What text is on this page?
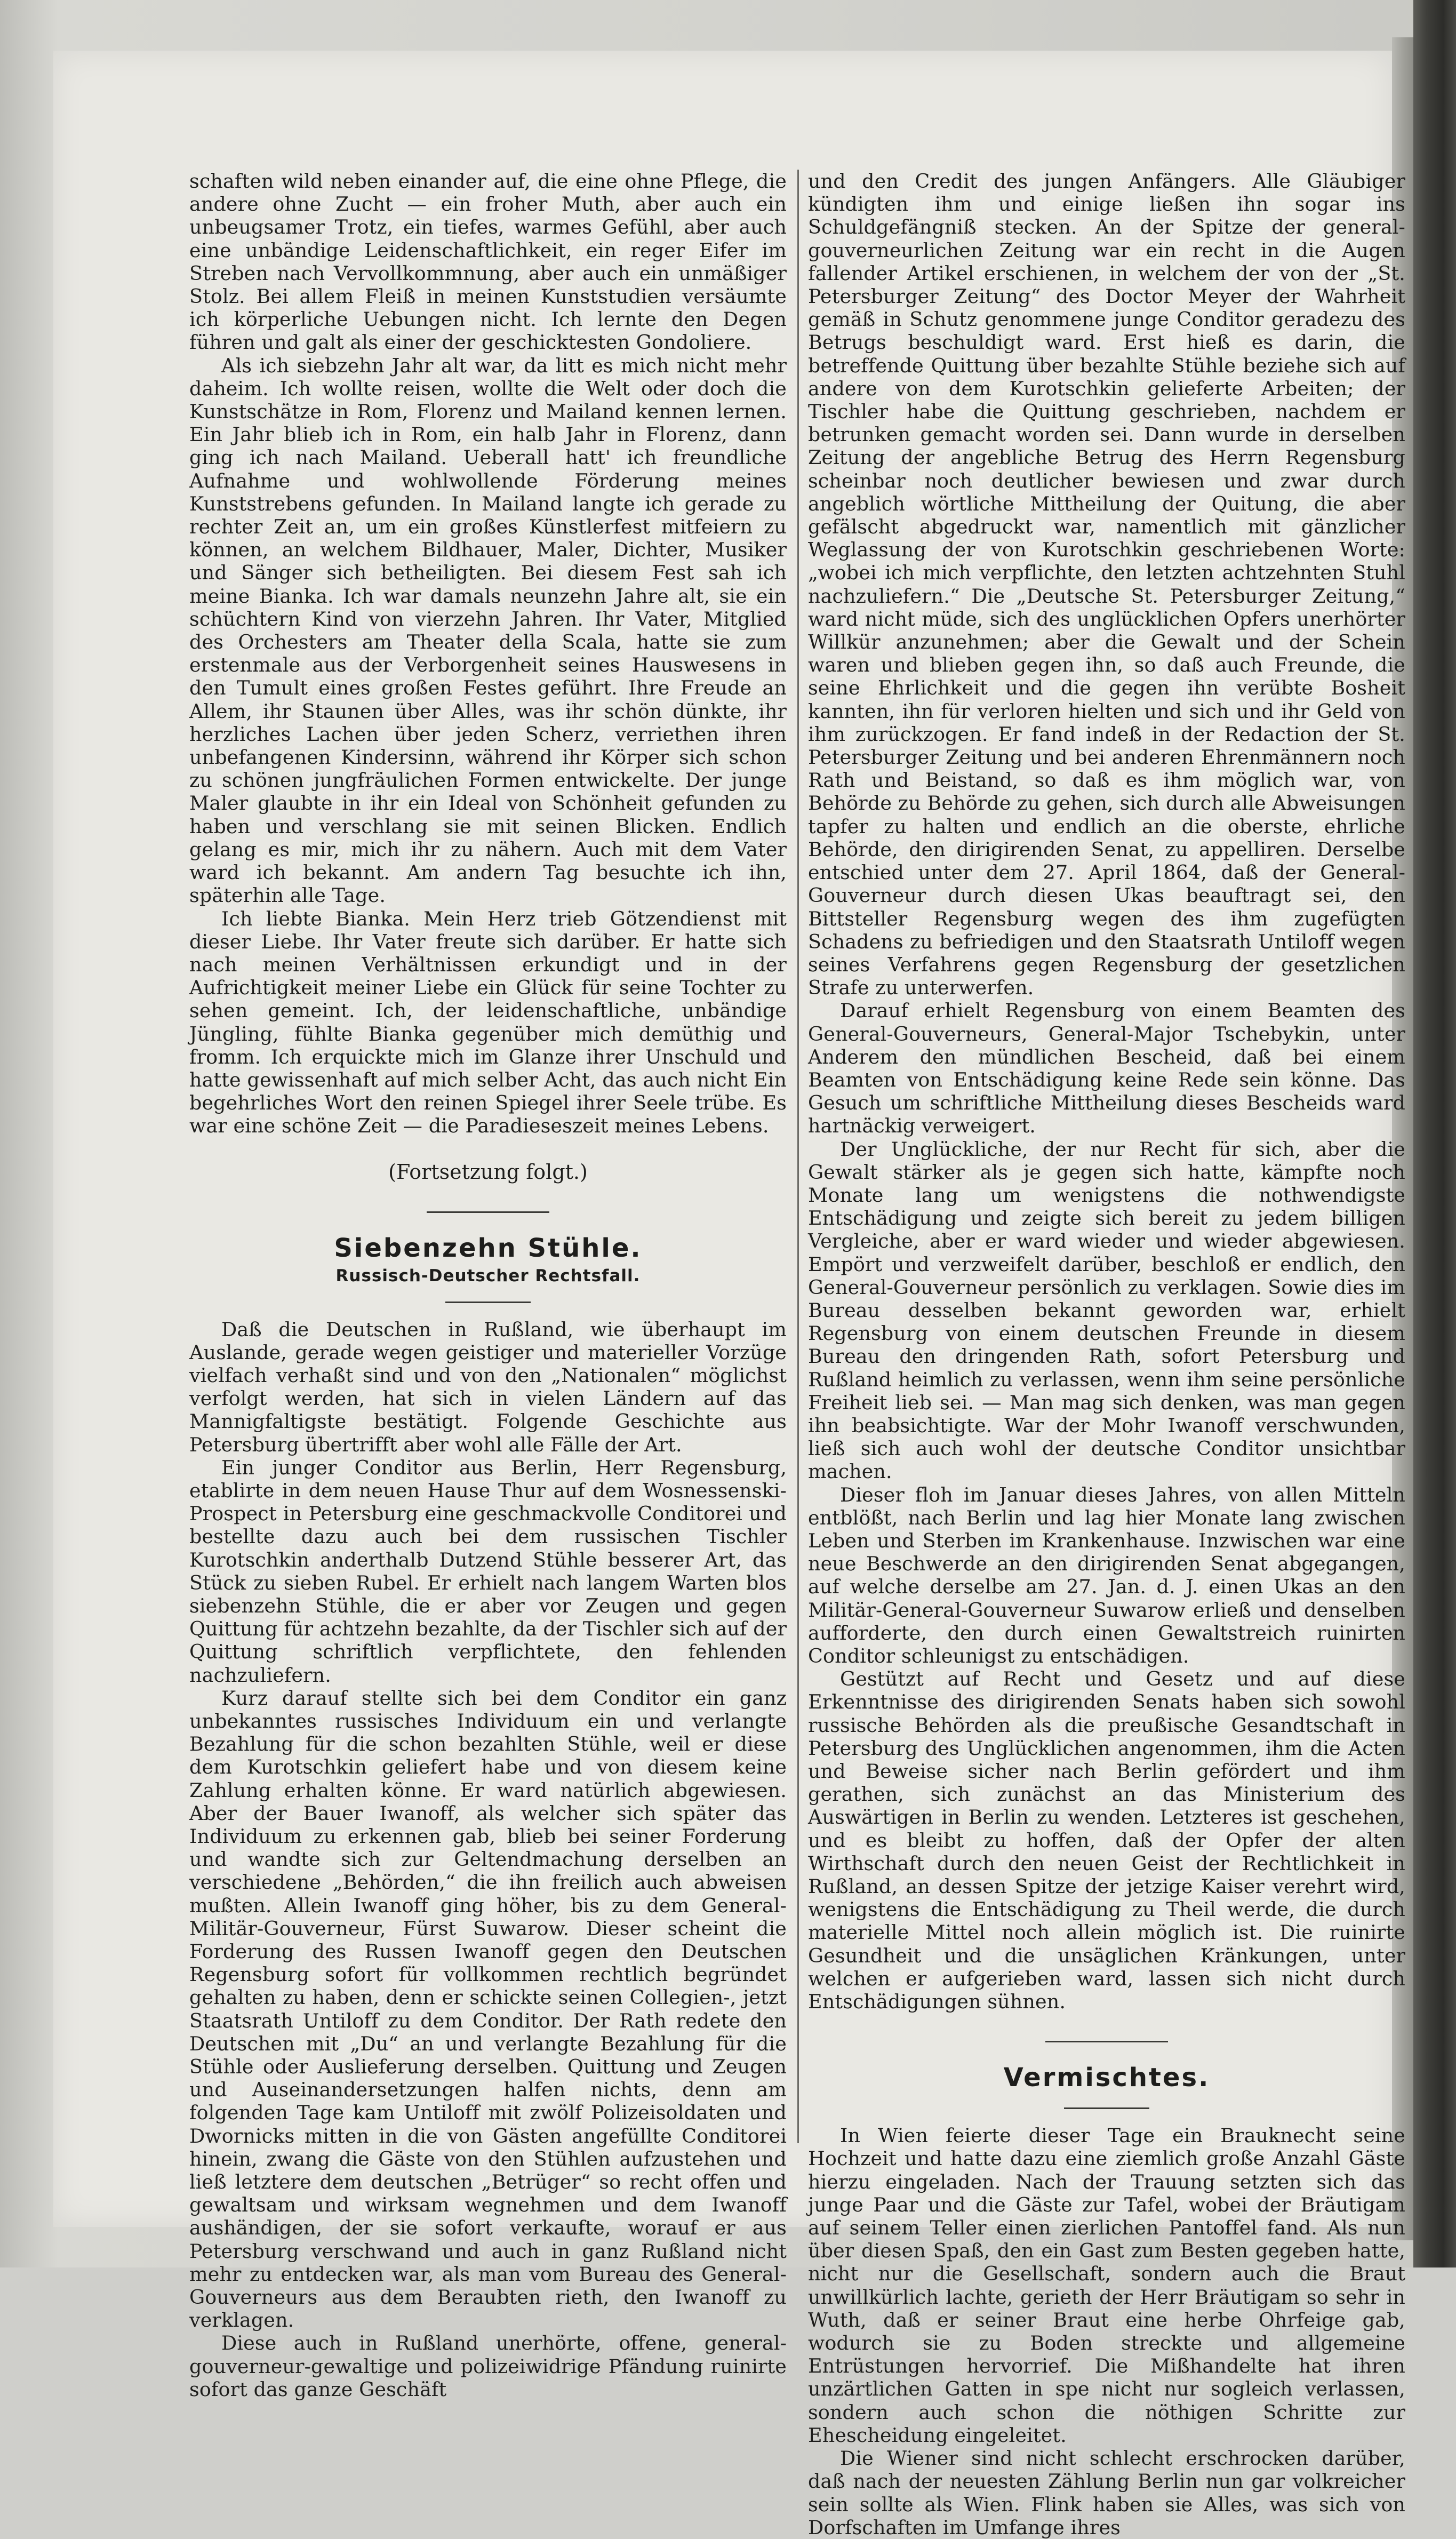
schaften wild neben einander auf, die eine ohne Pflege, die andere ohne Zucht — ein froher Muth, aber auch ein unbeugsamer Trotz, ein tiefes, warmes Gefühl, aber auch eine unbändige Leidenschaftlichkeit, ein reger Eifer im Streben nach Vervollkommnung, aber auch ein unmäßiger Stolz. Bei allem Fleiß in meinen Kunststudien versäumte ich körperliche Uebungen nicht. Ich lernte den Degen führen und galt als einer der geschicktesten Gondoliere.

Als ich siebzehn Jahr alt war, da litt es mich nicht mehr daheim. Ich wollte reisen, wollte die Welt oder doch die Kunstschätze in Rom, Florenz und Mailand kennen lernen. Ein Jahr blieb ich in Rom, ein halb Jahr in Florenz, dann ging ich nach Mailand. Ueberall hatt' ich freundliche Aufnahme und wohlwollende Förderung meines Kunststrebens gefunden. In Mailand langte ich gerade zu rechter Zeit an, um ein großes Künstlerfest mitfeiern zu können, an welchem Bildhauer, Maler, Dichter, Musiker und Sänger sich betheiligten. Bei diesem Fest sah ich meine Bianka. Ich war damals neunzehn Jahre alt, sie ein schüchtern Kind von vierzehn Jahren. Ihr Vater, Mitglied des Orchesters am Theater della Scala, hatte sie zum erstenmale aus der Verborgenheit seines Hauswesens in den Tumult eines großen Festes geführt. Ihre Freude an Allem, ihr Staunen über Alles, was ihr schön dünkte, ihr herzliches Lachen über jeden Scherz, verriethen ihren unbefangenen Kindersinn, während ihr Körper sich schon zu schönen jungfräulichen Formen entwickelte. Der junge Maler glaubte in ihr ein Ideal von Schönheit gefunden zu haben und verschlang sie mit seinen Blicken. Endlich gelang es mir, mich ihr zu nähern. Auch mit dem Vater ward ich bekannt. Am andern Tag besuchte ich ihn, späterhin alle Tage.

Ich liebte Bianka. Mein Herz trieb Götzendienst mit dieser Liebe. Ihr Vater freute sich darüber. Er hatte sich nach meinen Verhältnissen erkundigt und in der Aufrichtigkeit meiner Liebe ein Glück für seine Tochter zu sehen gemeint. Ich, der leidenschaftliche, unbändige Jüngling, fühlte Bianka gegenüber mich demüthig und fromm. Ich erquickte mich im Glanze ihrer Unschuld und hatte gewissenhaft auf mich selber Acht, das auch nicht Ein begehrliches Wort den reinen Spiegel ihrer Seele trübe. Es war eine schöne Zeit — die Paradieseszeit meines Lebens.

(Fortsetzung folgt.)

Siebenzehn Stühle.
Russisch-Deutscher Rechtsfall.

Daß die Deutschen in Rußland, wie überhaupt im Auslande, gerade wegen geistiger und materieller Vorzüge vielfach verhaßt sind und von den „Nationalen“ möglichst verfolgt werden, hat sich in vielen Ländern auf das Mannigfaltigste bestätigt. Folgende Geschichte aus Petersburg übertrifft aber wohl alle Fälle der Art.

Ein junger Conditor aus Berlin, Herr Regensburg, etablirte in dem neuen Hause Thur auf dem Wosnessenski-Prospect in Petersburg eine geschmackvolle Conditorei und bestellte dazu auch bei dem russischen Tischler Kurotschkin anderthalb Dutzend Stühle besserer Art, das Stück zu sieben Rubel. Er erhielt nach langem Warten blos siebenzehn Stühle, die er aber vor Zeugen und gegen Quittung für achtzehn bezahlte, da der Tischler sich auf der Quittung schriftlich verpflichtete, den fehlenden nachzuliefern.

Kurz darauf stellte sich bei dem Conditor ein ganz unbekanntes russisches Individuum ein und verlangte Bezahlung für die schon bezahlten Stühle, weil er diese dem Kurotschkin geliefert habe und von diesem keine Zahlung erhalten könne. Er ward natürlich abgewiesen. Aber der Bauer Iwanoff, als welcher sich später das Individuum zu erkennen gab, blieb bei seiner Forderung und wandte sich zur Geltendmachung derselben an verschiedene „Behörden,“ die ihn freilich auch abweisen mußten. Allein Iwanoff ging höher, bis zu dem General-Militär-Gouverneur, Fürst Suwarow. Dieser scheint die Forderung des Russen Iwanoff gegen den Deutschen Regensburg sofort für vollkommen rechtlich begründet gehalten zu haben, denn er schickte seinen Collegien-, jetzt Staatsrath Untiloff zu dem Conditor. Der Rath redete den Deutschen mit „Du“ an und verlangte Bezahlung für die Stühle oder Auslieferung derselben. Quittung und Zeugen und Auseinandersetzungen halfen nichts, denn am folgenden Tage kam Untiloff mit zwölf Polizeisoldaten und Dwornicks mitten in die von Gästen angefüllte Conditorei hinein, zwang die Gäste von den Stühlen aufzustehen und ließ letztere dem deutschen „Betrüger“ so recht offen und gewaltsam und wirksam wegnehmen und dem Iwanoff aushändigen, der sie sofort verkaufte, worauf er aus Petersburg verschwand und auch in ganz Rußland nicht mehr zu entdecken war, als man vom Bureau des General-Gouverneurs aus dem Beraubten rieth, den Iwanoff zu verklagen.

Diese auch in Rußland unerhörte, offene, general-gouverneur-gewaltige und polizeiwidrige Pfändung ruinirte sofort das ganze Geschäft

und den Credit des jungen Anfängers. Alle Gläubiger kündigten ihm und einige ließen ihn sogar ins Schuldgefängniß stecken. An der Spitze der general-gouverneurlichen Zeitung war ein recht in die Augen fallender Artikel erschienen, in welchem der von der „St. Petersburger Zeitung“ des Doctor Meyer der Wahrheit gemäß in Schutz genommene junge Conditor geradezu des Betrugs beschuldigt ward. Erst hieß es darin, die betreffende Quittung über bezahlte Stühle beziehe sich auf andere von dem Kurotschkin gelieferte Arbeiten; der Tischler habe die Quittung geschrieben, nachdem er betrunken gemacht worden sei. Dann wurde in derselben Zeitung der angebliche Betrug des Herrn Regensburg scheinbar noch deutlicher bewiesen und zwar durch angeblich wörtliche Mittheilung der Quitung, die aber gefälscht abgedruckt war, namentlich mit gänzlicher Weglassung der von Kurotschkin geschriebenen Worte: „wobei ich mich verpflichte, den letzten achtzehnten Stuhl nachzuliefern.“ Die „Deutsche St. Petersburger Zeitung,“ ward nicht müde, sich des unglücklichen Opfers unerhörter Willkür anzunehmen; aber die Gewalt und der Schein waren und blieben gegen ihn, so daß auch Freunde, die seine Ehrlichkeit und die gegen ihn verübte Bosheit kannten, ihn für verloren hielten und sich und ihr Geld von ihm zurückzogen. Er fand indeß in der Redaction der St. Petersburger Zeitung und bei anderen Ehrenmännern noch Rath und Beistand, so daß es ihm möglich war, von Behörde zu Behörde zu gehen, sich durch alle Abweisungen tapfer zu halten und endlich an die oberste, ehrliche Behörde, den dirigirenden Senat, zu appelliren. Derselbe entschied unter dem 27. April 1864, daß der General-Gouverneur durch diesen Ukas beauftragt sei, den Bittsteller Regensburg wegen des ihm zugefügten Schadens zu befriedigen und den Staatsrath Untiloff wegen seines Verfahrens gegen Regensburg der gesetzlichen Strafe zu unterwerfen.

Darauf erhielt Regensburg von einem Beamten des General-Gouverneurs, General-Major Tschebykin, unter Anderem den mündlichen Bescheid, daß bei einem Beamten von Entschädigung keine Rede sein könne. Das Gesuch um schriftliche Mittheilung dieses Bescheids ward hartnäckig verweigert.

Der Unglückliche, der nur Recht für sich, aber die Gewalt stärker als je gegen sich hatte, kämpfte noch Monate lang um wenigstens die nothwendigste Entschädigung und zeigte sich bereit zu jedem billigen Vergleiche, aber er ward wieder und wieder abgewiesen. Empört und verzweifelt darüber, beschloß er endlich, den General-Gouverneur persönlich zu verklagen. Sowie dies im Bureau desselben bekannt geworden war, erhielt Regensburg von einem deutschen Freunde in diesem Bureau den dringenden Rath, sofort Petersburg und Rußland heimlich zu verlassen, wenn ihm seine persönliche Freiheit lieb sei. — Man mag sich denken, was man gegen ihn beabsichtigte. War der Mohr Iwanoff verschwunden, ließ sich auch wohl der deutsche Conditor unsichtbar machen.

Dieser floh im Januar dieses Jahres, von allen Mitteln entblößt, nach Berlin und lag hier Monate lang zwischen Leben und Sterben im Krankenhause. Inzwischen war eine neue Beschwerde an den dirigirenden Senat abgegangen, auf welche derselbe am 27. Jan. d. J. einen Ukas an den Militär-General-Gouverneur Suwarow erließ und denselben aufforderte, den durch einen Gewaltstreich ruinirten Conditor schleunigst zu entschädigen.

Gestützt auf Recht und Gesetz und auf diese Erkenntnisse des dirigirenden Senats haben sich sowohl russische Behörden als die preußische Gesandtschaft in Petersburg des Unglücklichen angenommen, ihm die Acten und Beweise sicher nach Berlin gefördert und ihm gerathen, sich zunächst an das Ministerium des Auswärtigen in Berlin zu wenden. Letzteres ist geschehen, und es bleibt zu hoffen, daß der Opfer der alten Wirthschaft durch den neuen Geist der Rechtlichkeit in Rußland, an dessen Spitze der jetzige Kaiser verehrt wird, wenigstens die Entschädigung zu Theil werde, die durch materielle Mittel noch allein möglich ist. Die ruinirte Gesundheit und die unsäglichen Kränkungen, unter welchen er aufgerieben ward, lassen sich nicht durch Entschädigungen sühnen.

Vermischtes.

In Wien feierte dieser Tage ein Brauknecht seine Hochzeit und hatte dazu eine ziemlich große Anzahl Gäste hierzu eingeladen. Nach der Trauung setzten sich das junge Paar und die Gäste zur Tafel, wobei der Bräutigam auf seinem Teller einen zierlichen Pantoffel fand. Als nun über diesen Spaß, den ein Gast zum Besten gegeben hatte, nicht nur die Gesellschaft, sondern auch die Braut unwillkürlich lachte, gerieth der Herr Bräutigam so sehr in Wuth, daß er seiner Braut eine herbe Ohrfeige gab, wodurch sie zu Boden streckte und allgemeine Entrüstungen hervorrief. Die Mißhandelte hat ihren unzärtlichen Gatten in spe nicht nur sogleich verlassen, sondern auch schon die nöthigen Schritte zur Ehescheidung eingeleitet.

Die Wiener sind nicht schlecht erschrocken darüber, daß nach der neuesten Zählung Berlin nun gar volkreicher sein sollte als Wien. Flink haben sie Alles, was sich von Dorfschaften im Umfange ihres
